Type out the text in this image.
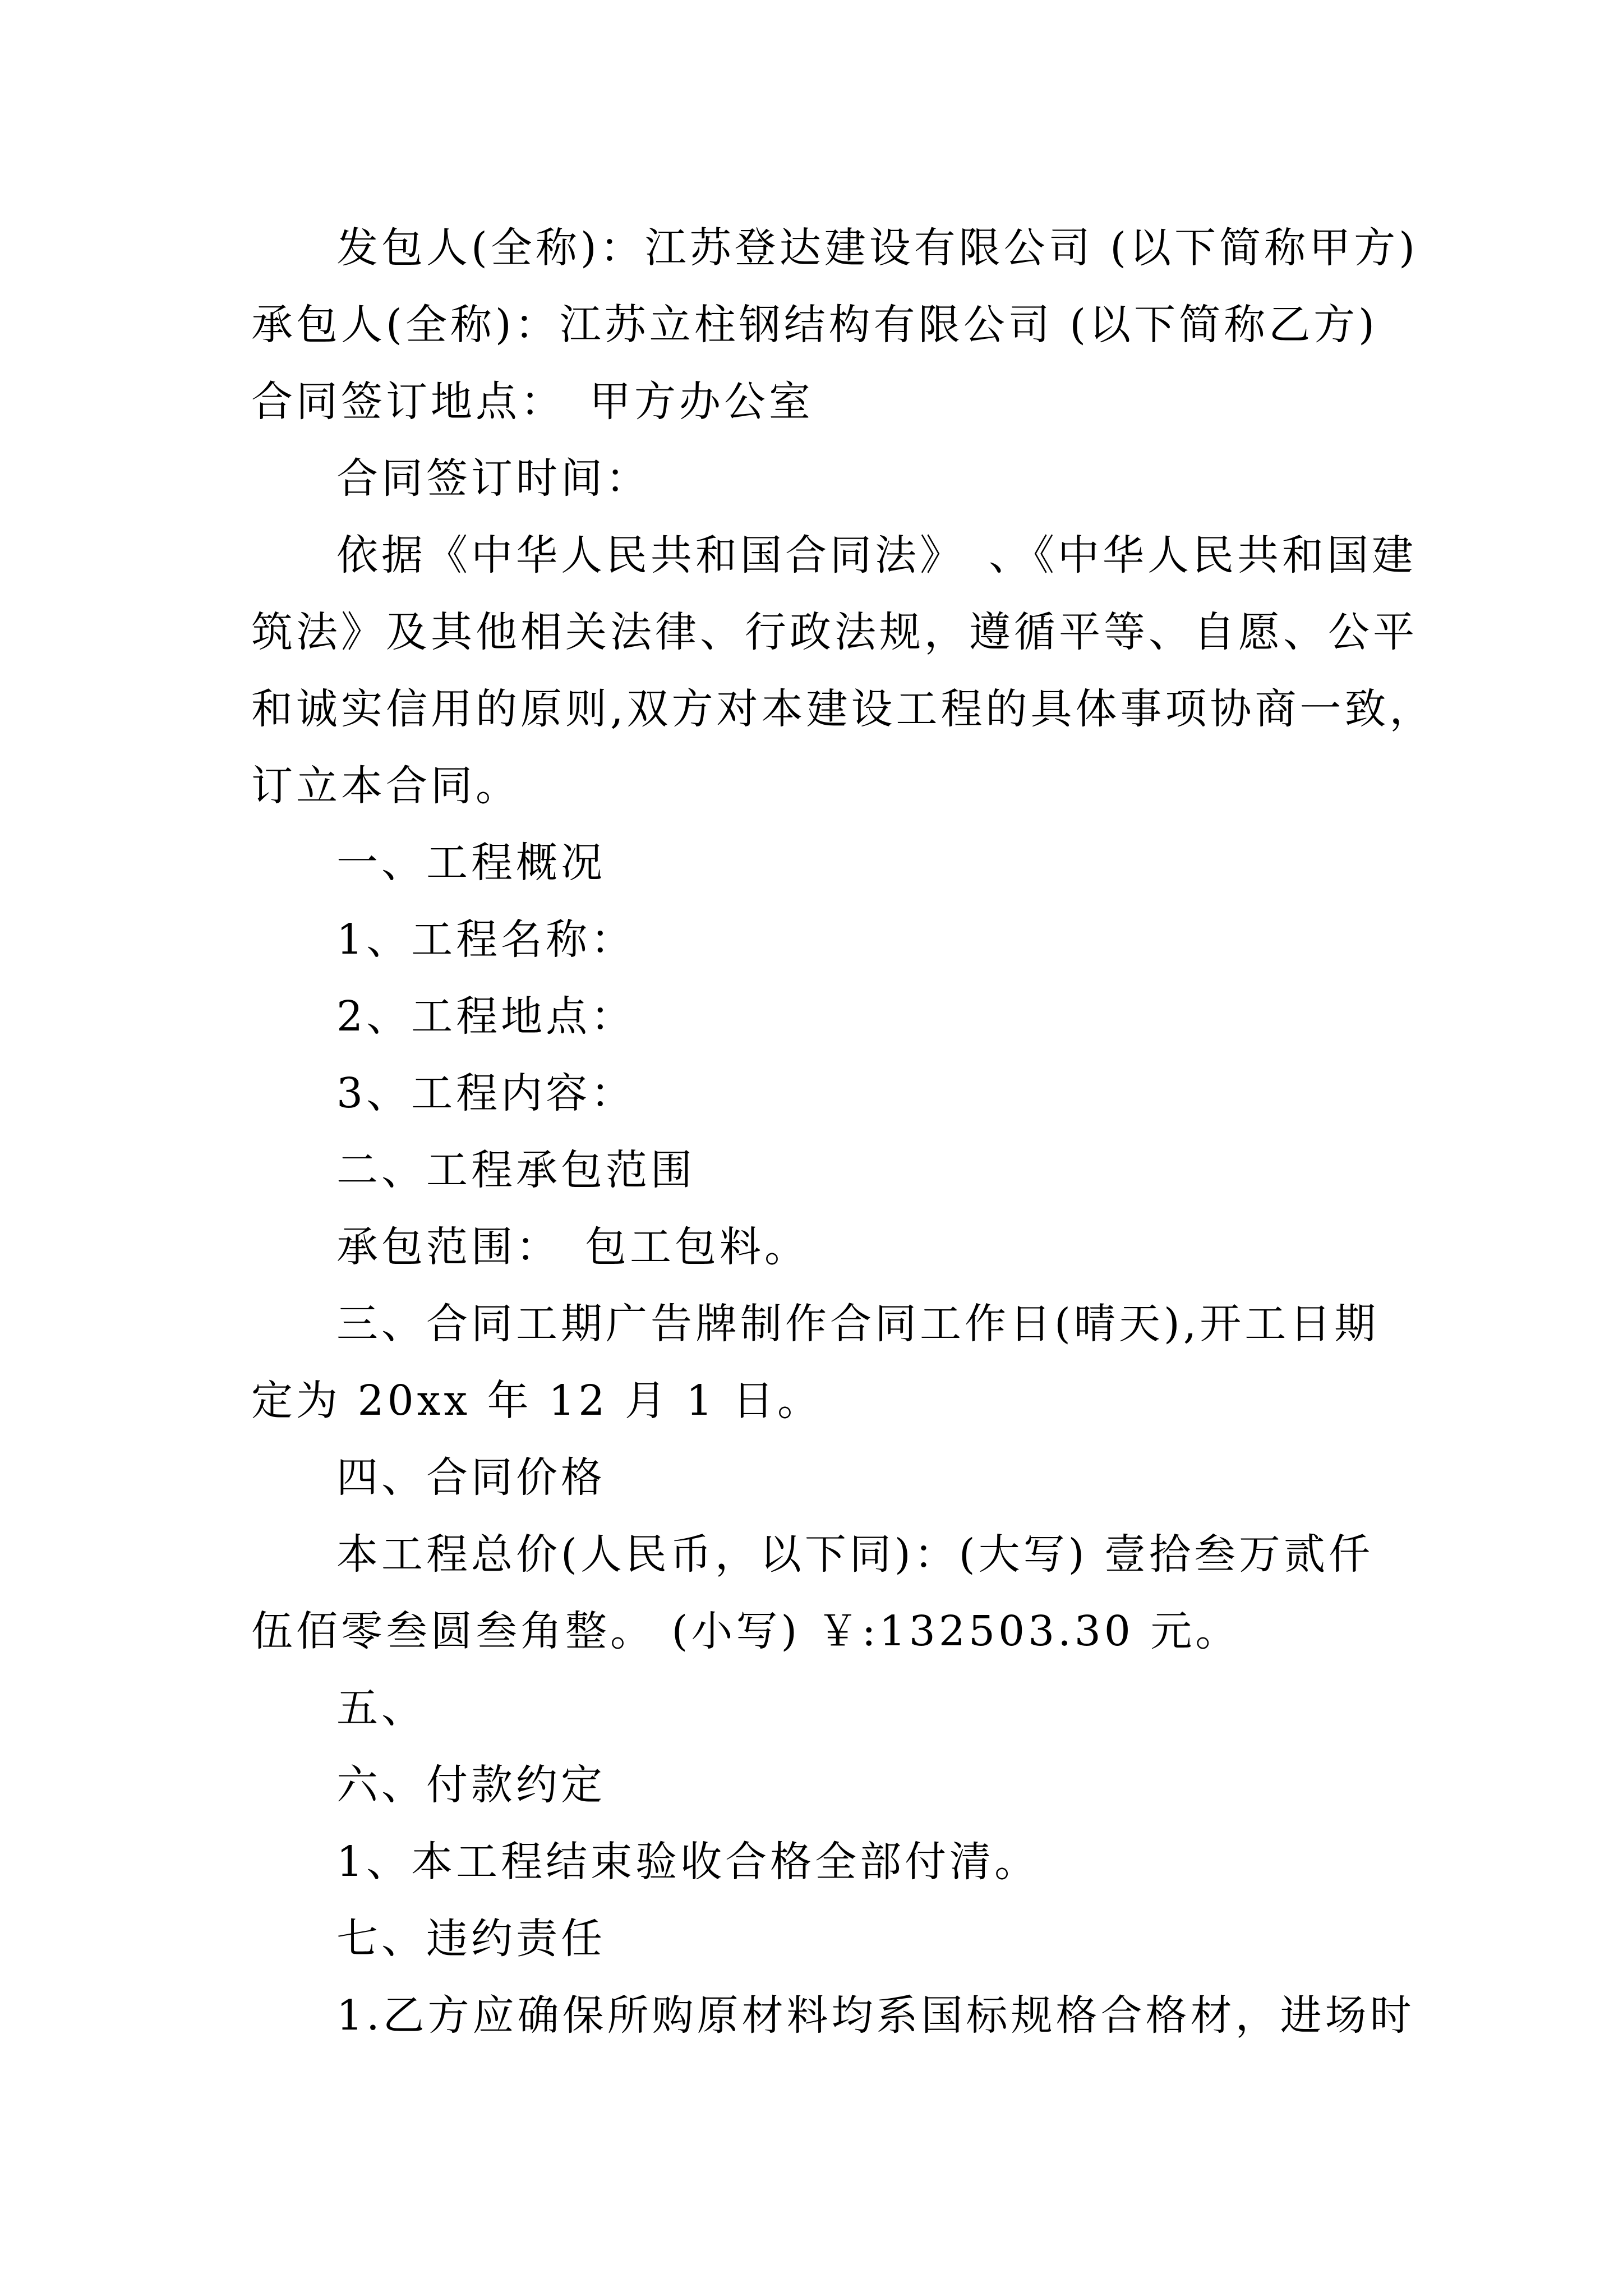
发包人(全称)：江苏登达建设有限公司 (以下简称甲方)
承包人(全称)：江苏立柱钢结构有限公司 (以下简称乙方)
合同签订地点：　甲方办公室
合同签订时间：
依据《中华人民共和国合同法》　、《中华人民共和国建
筑法》及其他相关法律、行政法规，遵循平等、自愿、公平
和诚实信用的原则,双方对本建设工程的具体事项协商一致，
订立本合同。
一、工程概况
1、工程名称：
2、工程地点：
3、工程内容：
二、工程承包范围
承包范围：　包工包料。
三、合同工期广告牌制作合同工作日(晴天),开工日期
定为 20xx 年 12 月 1 日。
四、合同价格
本工程总价(人民币，以下同)：(大写) 壹拾叁万贰仟
伍佰零叁圆叁角整。 (小写) ￥:132503.30 元。
五、
六、付款约定
1、本工程结束验收合格全部付清。
七、违约责任
1.乙方应确保所购原材料均系国标规格合格材，进场时
